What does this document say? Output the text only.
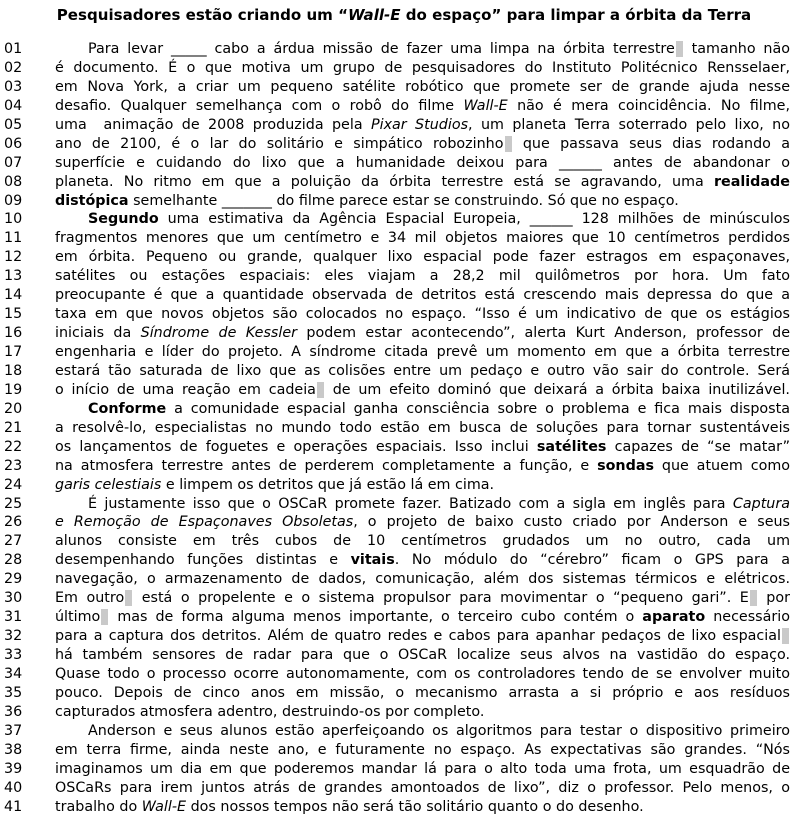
Pesquisadores estão criando um “Wall-E do espaço” para limpar a órbita da Terra
01	Para levar _____ cabo a árdua missão de fazer uma limpa na órbita terrestre tamanho não
02 é documento. É o que motiva um grupo de pesquisadores do Instituto Politécnico Rensselaer,
03 em Nova York, a criar um pequeno satélite robótico que promete ser de grande ajuda nesse
04 desafio. Qualquer semelhança com o robô do filme Wall-E não é mera coincidência. No filme,
05 uma  animação de 2008 produzida pela Pixar Studios, um planeta Terra soterrado pelo lixo, no
06 ano de 2100, é o lar do solitário e simpático robozinho que passava seus dias rodando a
07 superfície e cuidando do lixo que a humanidade deixou para ______ antes de abandonar o
08 planeta. No ritmo em que a poluição da órbita terrestre está se agravando, uma realidade
09 distópica semelhante _______ do filme parece estar se construindo. Só que no espaço.
10	Segundo uma estimativa da Agência Espacial Europeia, ______ 128 milhões de minúsculos
11 fragmentos menores que um centímetro e 34 mil objetos maiores que 10 centímetros perdidos
12 em órbita. Pequeno ou grande, qualquer lixo espacial pode fazer estragos em espaçonaves,
13 satélites ou estações espaciais: eles viajam a 28,2 mil quilômetros por hora. Um fato
14 preocupante é que a quantidade observada de detritos está crescendo mais depressa do que a
15 taxa em que novos objetos são colocados no espaço. “Isso é um indicativo de que os estágios
16 iniciais da Síndrome de Kessler podem estar acontecendo”, alerta Kurt Anderson, professor de
17 engenharia e líder do projeto. A síndrome citada prevê um momento em que a órbita terrestre
18 estará tão saturada de lixo que as colisões entre um pedaço e outro vão sair do controle. Será
19 o início de uma reação em cadeia de um efeito dominó que deixará a órbita baixa inutilizável.
20	Conforme a comunidade espacial ganha consciência sobre o problema e fica mais disposta
21 a resolvê-lo, especialistas no mundo todo estão em busca de soluções para tornar sustentáveis
22 os lançamentos de foguetes e operações espaciais. Isso inclui satélites capazes de “se matar”
23 na atmosfera terrestre antes de perderem completamente a função, e sondas que atuem como
24 garis celestiais e limpem os detritos que já estão lá em cima.
25	É justamente isso que o OSCaR promete fazer. Batizado com a sigla em inglês para Captura
26 e Remoção de Espaçonaves Obsoletas, o projeto de baixo custo criado por Anderson e seus
27 alunos consiste em três cubos de 10 centímetros grudados um no outro, cada um
28 desempenhando funções distintas e vitais. No módulo do “cérebro” ficam o GPS para a
29 navegação, o armazenamento de dados, comunicação, além dos sistemas térmicos e elétricos.
30 Em outro está o propelente e o sistema propulsor para movimentar o “pequeno gari”. E por
31 último mas de forma alguma menos importante, o terceiro cubo contém o aparato necessário
32 para a captura dos detritos. Além de quatro redes e cabos para apanhar pedaços de lixo espacial
33 há também sensores de radar para que o OSCaR localize seus alvos na vastidão do espaço.
34 Quase todo o processo ocorre autonomamente, com os controladores tendo de se envolver muito
35 pouco. Depois de cinco anos em missão, o mecanismo arrasta a si próprio e aos resíduos
36 capturados atmosfera adentro, destruindo-os por completo.
37	Anderson e seus alunos estão aperfeiçoando os algoritmos para testar o dispositivo primeiro
38 em terra firme, ainda neste ano, e futuramente no espaço. As expectativas são grandes. “Nós
39 imaginamos um dia em que poderemos mandar lá para o alto toda uma frota, um esquadrão de
40 OSCaRs para irem juntos atrás de grandes amontoados de lixo”, diz o professor. Pelo menos, o
41 trabalho do Wall-E dos nossos tempos não será tão solitário quanto o do desenho.
